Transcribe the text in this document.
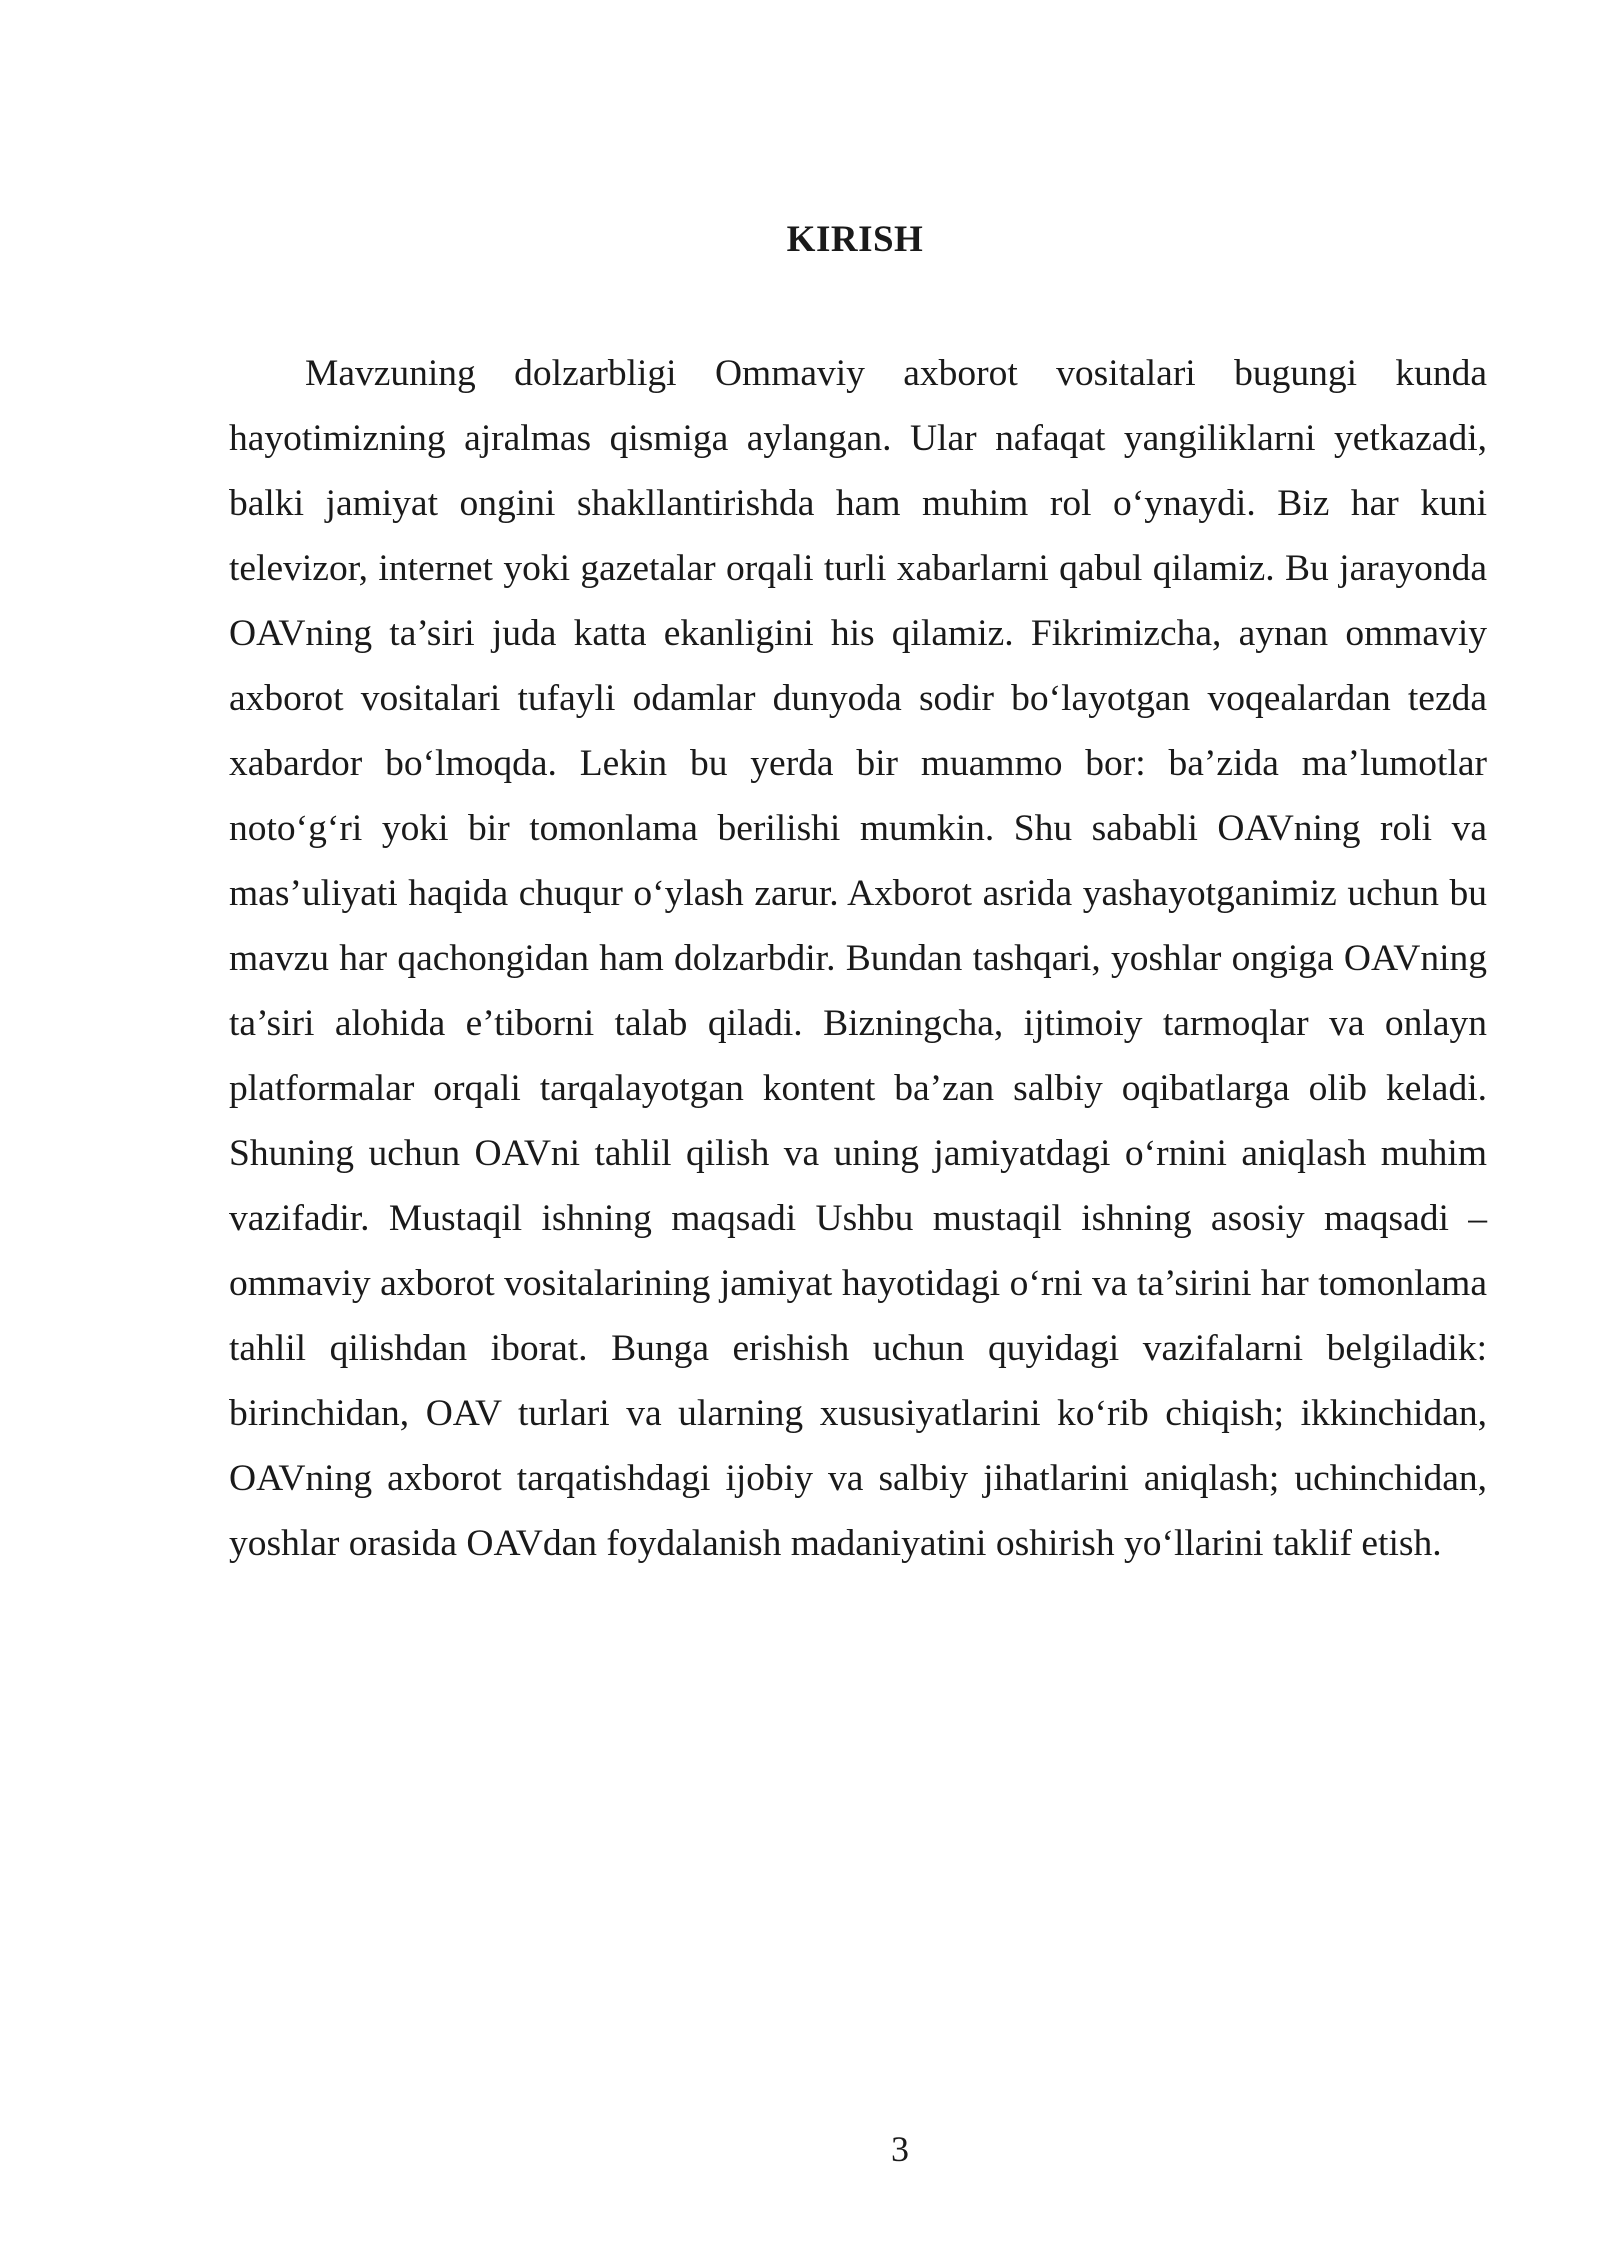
KIRISH

Mavzuning dolzarbligi Ommaviy axborot vositalari bugungi kunda hayotimizning ajralmas qismiga aylangan. Ular nafaqat yangiliklarni yetkazadi, balki jamiyat ongini shakllantirishda ham muhim rol o‘ynaydi. Biz har kuni televizor, internet yoki gazetalar orqali turli xabarlarni qabul qilamiz. Bu jarayonda OAVning ta’siri juda katta ekanligini his qilamiz. Fikrimizcha, aynan ommaviy axborot vositalari tufayli odamlar dunyoda sodir bo‘layotgan voqealardan tezda xabardor bo‘lmoqda. Lekin bu yerda bir muammo bor: ba’zida ma’lumotlar noto‘g‘ri yoki bir tomonlama berilishi mumkin. Shu sababli OAVning roli va mas’uliyati haqida chuqur o‘ylash zarur. Axborot asrida yashayotganimiz uchun bu mavzu har qachongidan ham dolzarbdir. Bundan tashqari, yoshlar ongiga OAVning ta’siri alohida e’tiborni talab qiladi. Bizningcha, ijtimoiy tarmoqlar va onlayn platformalar orqali tarqalayotgan kontent ba’zan salbiy oqibatlarga olib keladi. Shuning uchun OAVni tahlil qilish va uning jamiyatdagi o‘rnini aniqlash muhim vazifadir. Mustaqil ishning maqsadi Ushbu mustaqil ishning asosiy maqsadi – ommaviy axborot vositalarining jamiyat hayotidagi o‘rni va ta’sirini har tomonlama tahlil qilishdan iborat. Bunga erishish uchun quyidagi vazifalarni belgiladik: birinchidan, OAV turlari va ularning xususiyatlarini ko‘rib chiqish; ikkinchidan, OAVning axborot tarqatishdagi ijobiy va salbiy jihatlarini aniqlash; uchinchidan, yoshlar orasida OAVdan foydalanish madaniyatini oshirish yo‘llarini taklif etish.

3
